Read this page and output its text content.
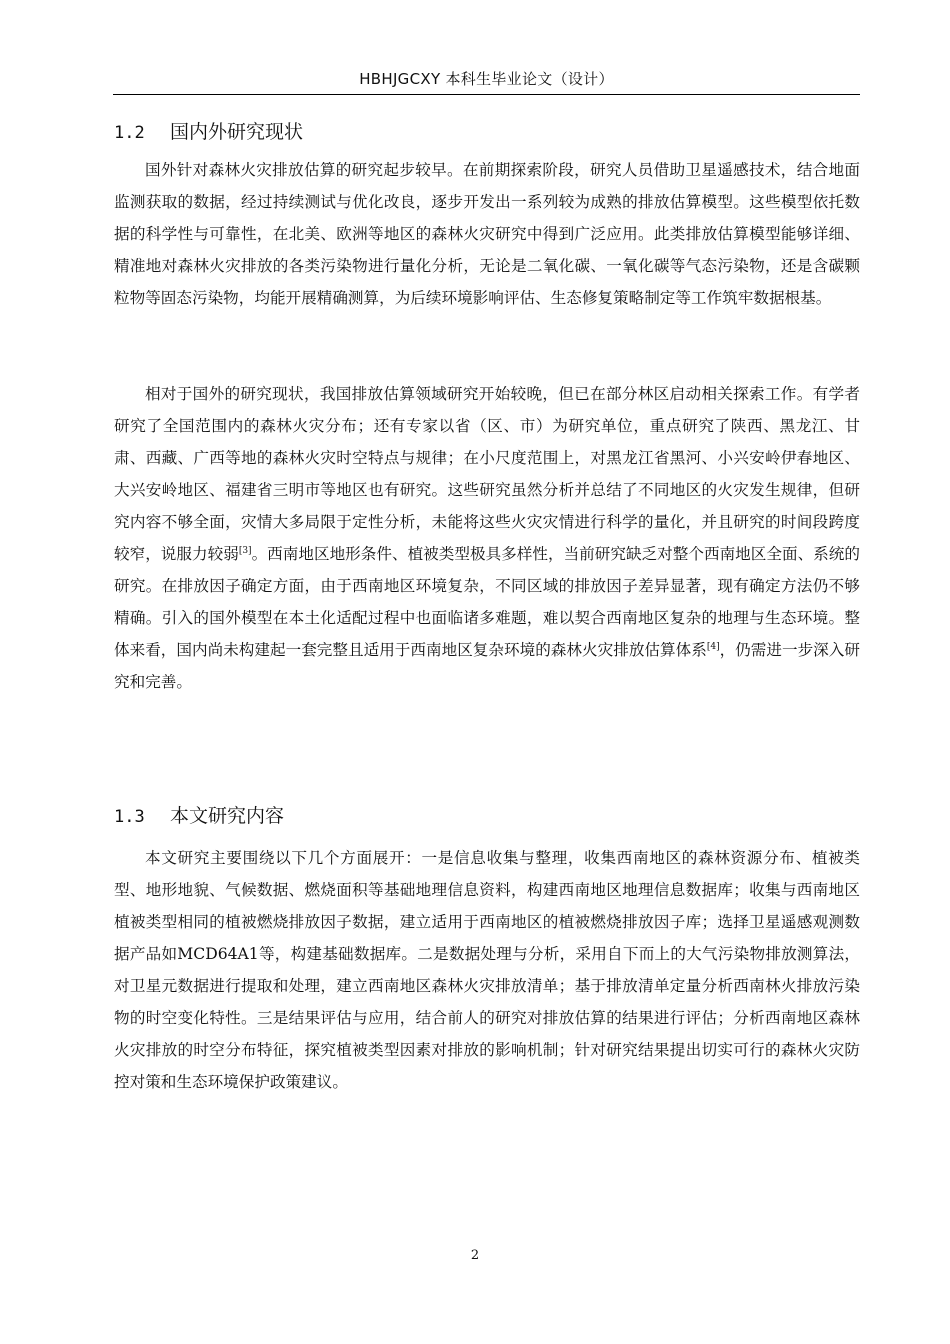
HBHJGCXY 本科生毕业论文（设计）
1.2 国内外研究现状

国外针对森林火灾排放估算的研究起步较早。在前期探索阶段，研究人员借助卫星遥感技术，结合地面监测获取的数据，经过持续测试与优化改良，逐步开发出一系列较为成熟的排放估算模型。这些模型依托数据的科学性与可靠性，在北美、欧洲等地区的森林火灾研究中得到广泛应用。此类排放估算模型能够详细、精准地对森林火灾排放的各类污染物进行量化分析，无论是二氧化碳、一氧化碳等气态污染物，还是含碳颗粒物等固态污染物，均能开展精确测算，为后续环境影响评估、生态修复策略制定等工作筑牢数据根基。

相对于国外的研究现状，我国排放估算领域研究开始较晚，但已在部分林区启动相关探索工作。有学者研究了全国范围内的森林火灾分布；还有专家以省（区、市）为研究单位，重点研究了陕西、黑龙江、甘肃、西藏、广西等地的森林火灾时空特点与规律；在小尺度范围上，对黑龙江省黑河、小兴安岭伊春地区、大兴安岭地区、福建省三明市等地区也有研究。这些研究虽然分析并总结了不同地区的火灾发生规律，但研究内容不够全面，灾情大多局限于定性分析，未能将这些火灾灾情进行科学的量化，并且研究的时间段跨度较窄，说服力较弱[3]。西南地区地形条件、植被类型极具多样性，当前研究缺乏对整个西南地区全面、系统的研究。在排放因子确定方面，由于西南地区环境复杂，不同区域的排放因子差异显著，现有确定方法仍不够精确。引入的国外模型在本土化适配过程中也面临诸多难题，难以契合西南地区复杂的地理与生态环境。整体来看，国内尚未构建起一套完整且适用于西南地区复杂环境的森林火灾排放估算体系[4]，仍需进一步深入研究和完善。

1.3 本文研究内容

本文研究主要围绕以下几个方面展开：一是信息收集与整理，收集西南地区的森林资源分布、植被类型、地形地貌、气候数据、燃烧面积等基础地理信息资料，构建西南地区地理信息数据库；收集与西南地区植被类型相同的植被燃烧排放因子数据，建立适用于西南地区的植被燃烧排放因子库；选择卫星遥感观测数据产品如MCD64A1等，构建基础数据库。二是数据处理与分析，采用自下而上的大气污染物排放测算法，对卫星元数据进行提取和处理，建立西南地区森林火灾排放清单；基于排放清单定量分析西南林火排放污染物的时空变化特性。三是结果评估与应用，结合前人的研究对排放估算的结果进行评估；分析西南地区森林火灾排放的时空分布特征，探究植被类型因素对排放的影响机制；针对研究结果提出切实可行的森林火灾防控对策和生态环境保护政策建议。

2
